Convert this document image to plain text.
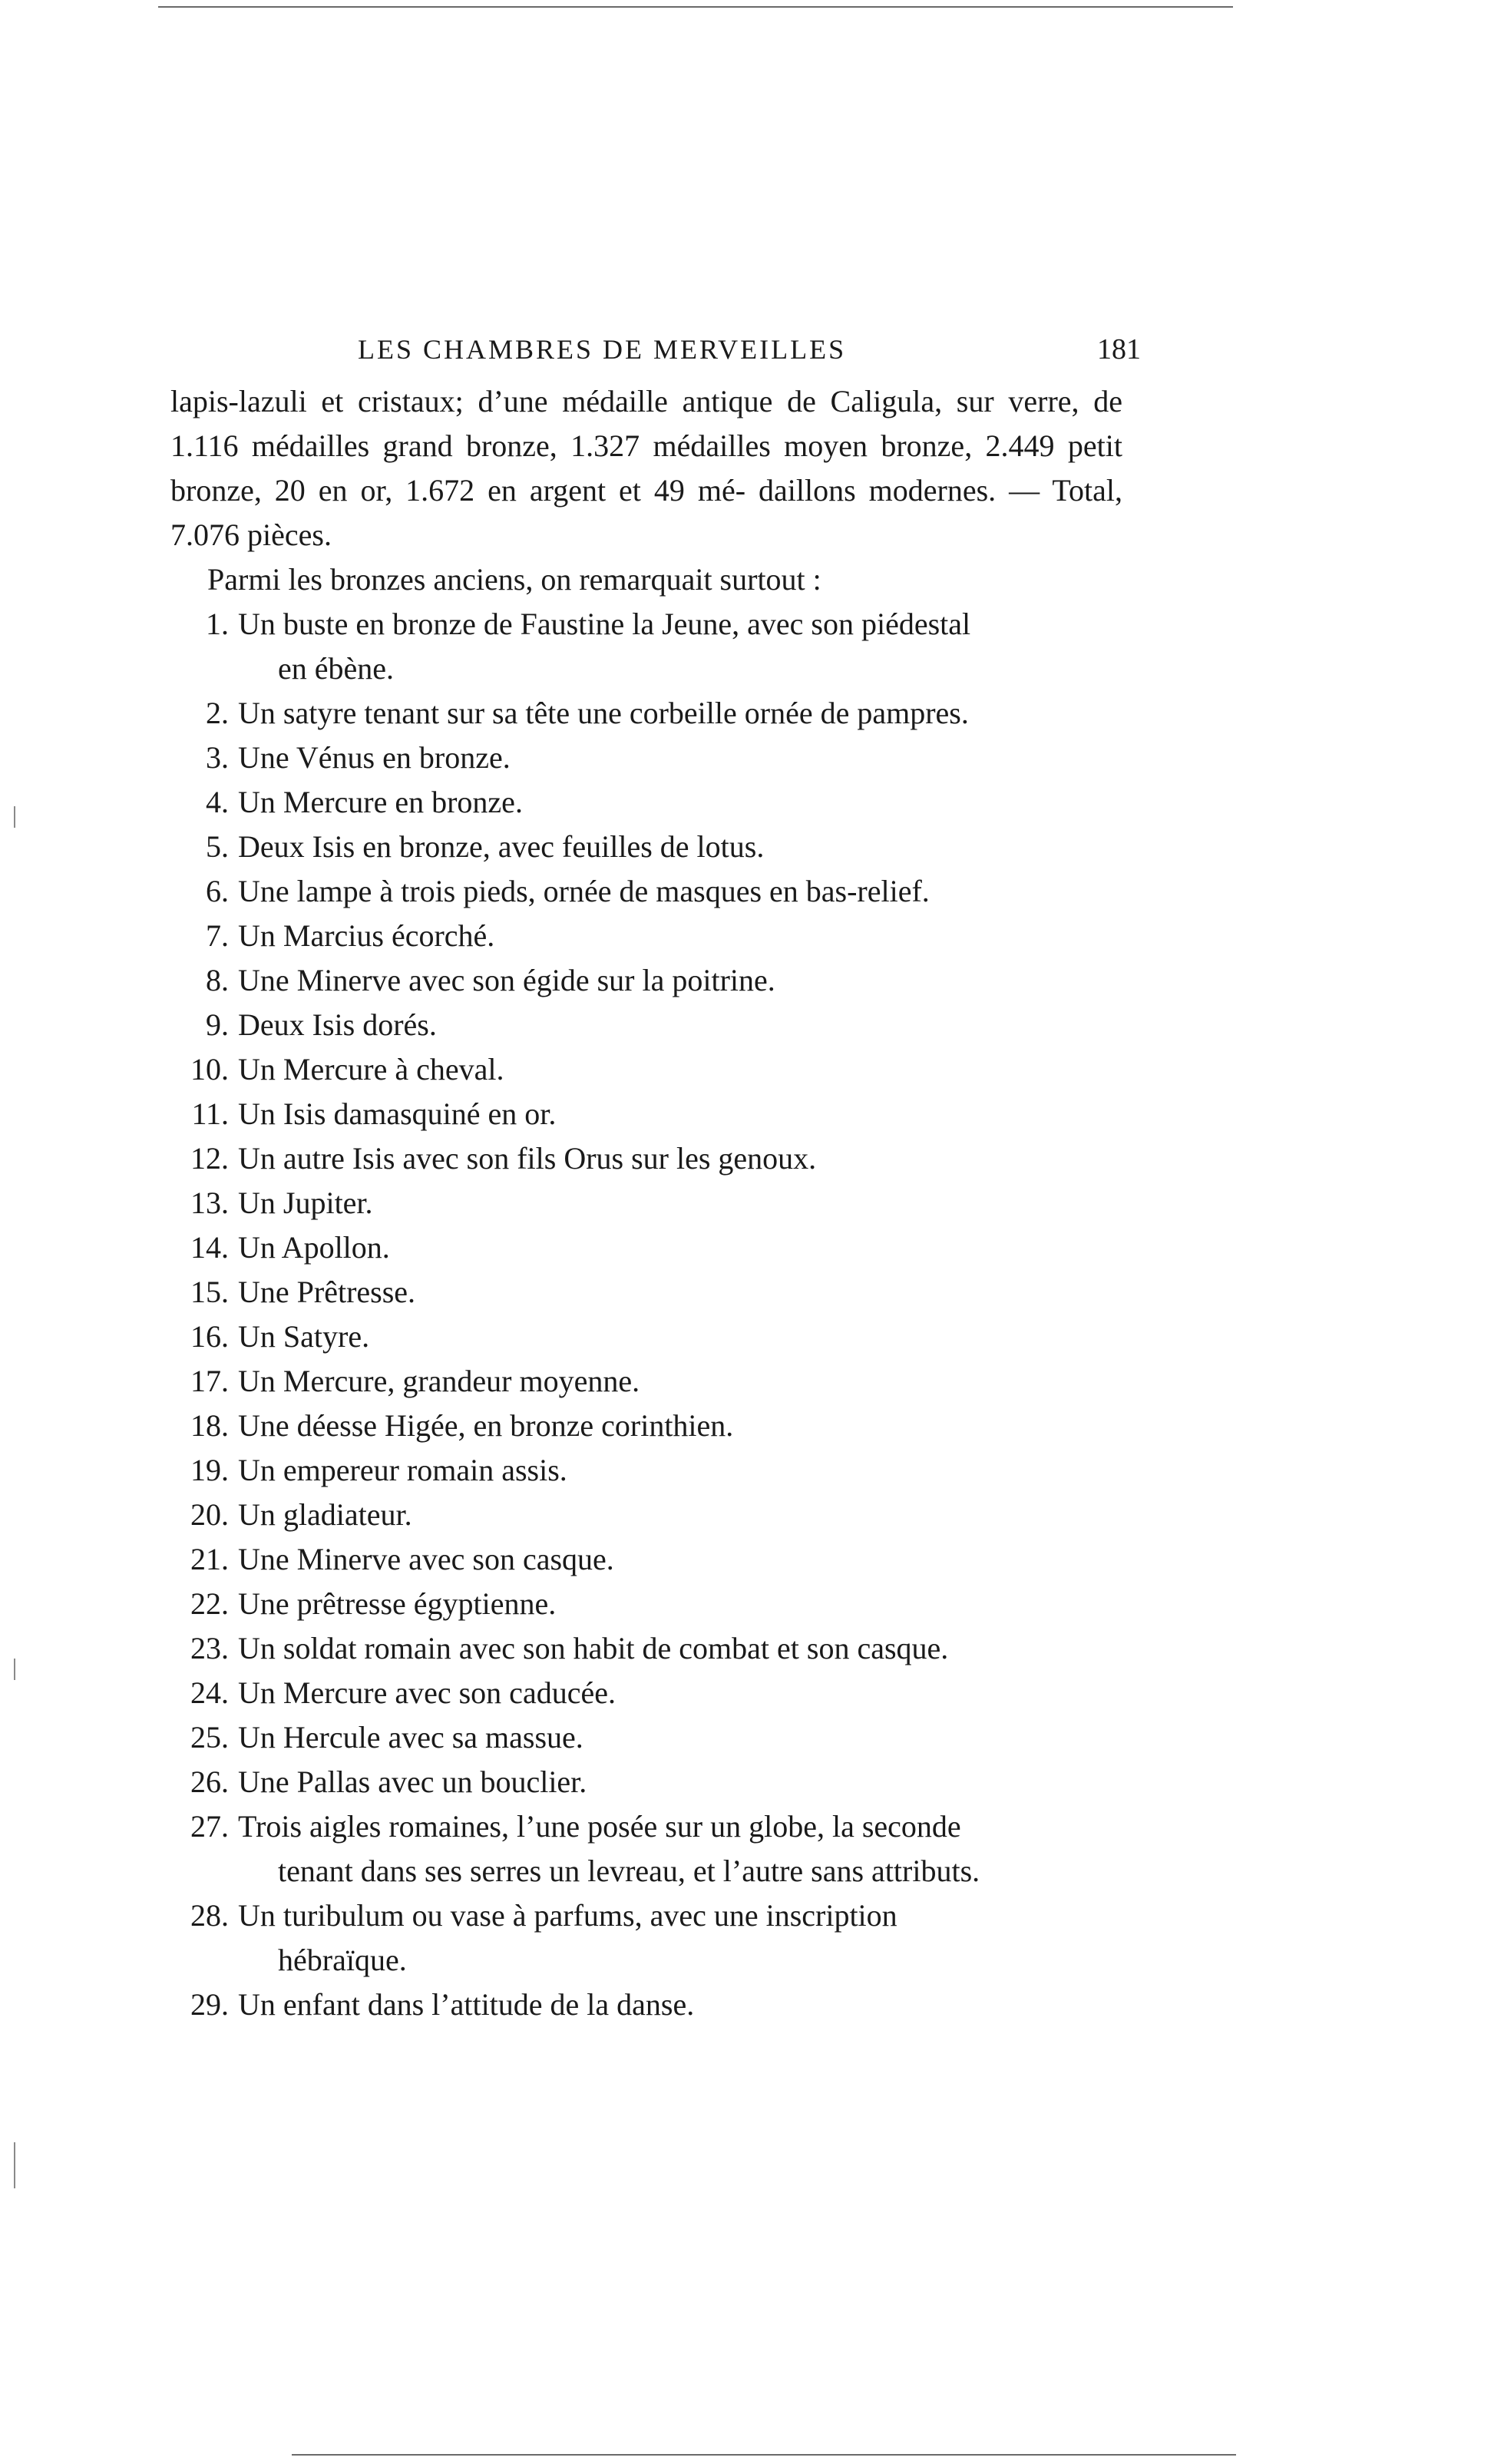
LES CHAMBRES DE MERVEILLES	181

lapis-lazuli et cristaux; d’une médaille antique de Caligula, sur verre, de 1.116 médailles grand bronze, 1.327 médailles moyen bronze, 2.449 petit bronze, 20 en or, 1.672 en argent et 49 mé- daillons modernes. — Total, 7.076 pièces.

Parmi les bronzes anciens, on remarquait surtout :

1. Un buste en bronze de Faustine la Jeune, avec son piédestal
en ébène.
2. Un satyre tenant sur sa tête une corbeille ornée de pampres.
3. Une Vénus en bronze.
4. Un Mercure en bronze.
5. Deux Isis en bronze, avec feuilles de lotus.
6. Une lampe à trois pieds, ornée de masques en bas-relief.
7. Un Marcius écorché.
8. Une Minerve avec son égide sur la poitrine.
9. Deux Isis dorés.
10. Un Mercure à cheval.
11. Un Isis damasquiné en or.
12. Un autre Isis avec son fils Orus sur les genoux.
13. Un Jupiter.
14. Un Apollon.
15. Une Prêtresse.
16. Un Satyre.
17. Un Mercure, grandeur moyenne.
18. Une déesse Higée, en bronze corinthien.
19. Un empereur romain assis.
20. Un gladiateur.
21. Une Minerve avec son casque.
22. Une prêtresse égyptienne.
23. Un soldat romain avec son habit de combat et son casque.
24. Un Mercure avec son caducée.
25. Un Hercule avec sa massue.
26. Une Pallas avec un bouclier.
27. Trois aigles romaines, l’une posée sur un globe, la seconde
tenant dans ses serres un levreau, et l’autre sans attributs.
28. Un turibulum ou vase à parfums, avec une inscription
hébraïque.
29. Un enfant dans l’attitude de la danse.
